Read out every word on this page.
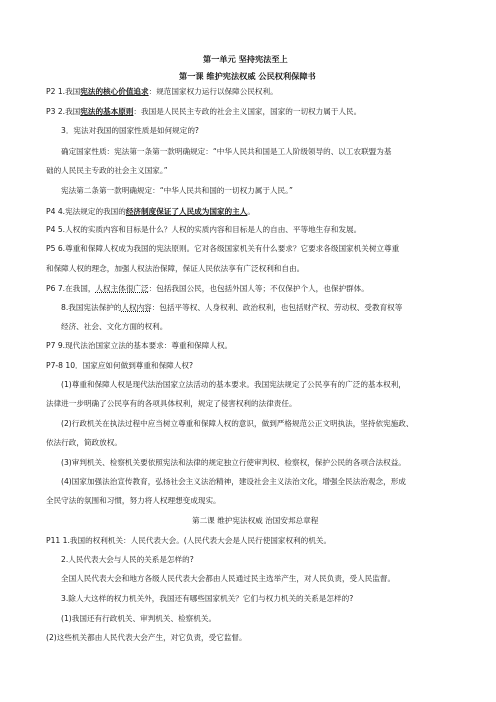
第一单元 坚持宪法至上
第一课 维护宪法权威 公民权利保障书
P2 1.我国宪法的核心价值追求：规范国家权力运行以保障公民权利。
P3 2.我国宪法的基本原则：我国是人民民主专政的社会主义国家，国家的一切权力属于人民。
3．宪法对我国的国家性质是如何规定的?
确定国家性质：宪法第一条第一款明确规定：“中华人民共和国是工人阶级领导的、以工农联盟为基
础的人民民主专政的社会主义国家。”
宪法第二条第一款明确规定：“中华人民共和国的一切权力属于人民。”
P4 4.宪法规定的我国的经济制度保证了人民成为国家的主人。
P4 5.人权的实质内容和目标是什么？人权的实质内容和目标是人的自由、平等地生存和发展。
P5 6.尊重和保障人权成为我国的宪法原则。它对各级国家机关有什么要求？它要求各级国家机关树立尊重
和保障人权的理念，加强人权法治保障，保证人民依法享有广泛权利和自由。
P6 7.在我国，人权主体很广泛：包括我国公民，也包括外国人等；不仅保护个人，也保护群体。
8.我国宪法保护的人权内容：包括平等权、人身权利、政治权利，也包括财产权、劳动权、受教育权等
经济、社会、文化方面的权利。
P7 9.现代法治国家立法的基本要求：尊重和保障人权。
P7-8 10．国家应如何做到尊重和保障人权?
(1)尊重和保障人权是现代法治国家立法活动的基本要求。我国宪法规定了公民享有的广泛的基本权利，
法律进一步明确了公民享有的各项具体权利，规定了侵害权利的法律责任。
(2)行政机关在执法过程中应当树立尊重和保障人权的意识，做到严格规范公正文明执法，坚持依宪施政、
依法行政，简政放权。
(3)审判机关、检察机关要依照宪法和法律的规定独立行使审判权、检察权，保护公民的各项合法权益。
(4)国家加强法治宣传教育，弘扬社会主义法治精神，建设社会主义法治文化，增强全民法治观念，形成
全民守法的氛围和习惯，努力将人权理想变成现实。
第二课 维护宪法权威 治国安邦总章程
P11 1.我国的权利机关：人民代表大会。(人民代表大会是人民行使国家权利的机关。
2.人民代表大会与人民的关系是怎样的?
全国人民代表大会和地方各级人民代表大会都由人民通过民主选举产生，对人民负责，受人民监督。
3.除人大这样的权力机关外，我国还有哪些国家机关？它们与权力机关的关系是怎样的?
(1)我国还有行政机关、审判机关、检察机关。
(2)这些机关都由人民代表大会产生，对它负责，受它监督。
